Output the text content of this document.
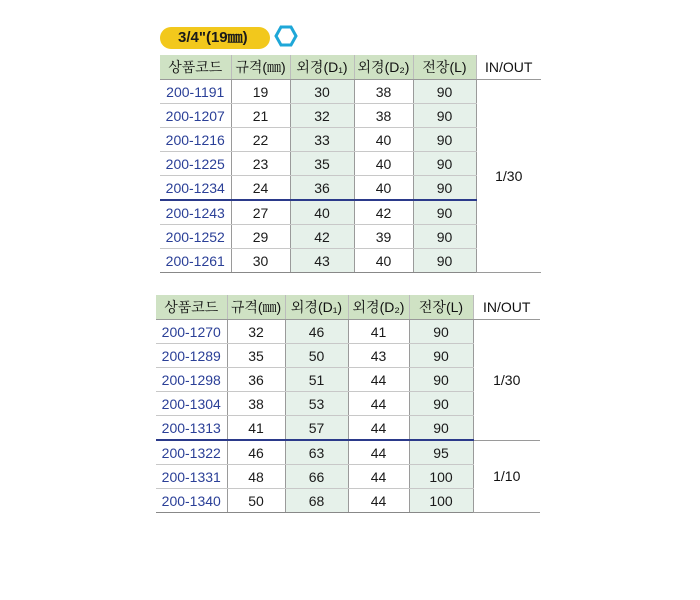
3/4"(19㎜)
상품코드	규격(㎜)	외경(D₁)	외경(D₂)	전장(L)	IN/OUT
200-1191	19	30	38	90	1/30
200-1207	21	32	38	90	
200-1216	22	33	40	90	
200-1225	23	35	40	90	
200-1234	24	36	40	90	
200-1243	27	40	42	90	
200-1252	29	42	39	90	
200-1261	30	43	40	90	
상품코드	규격(㎜)	외경(D₁)	외경(D₂)	전장(L)	IN/OUT
200-1270	32	46	41	90	1/30
200-1289	35	50	43	90	
200-1298	36	51	44	90	
200-1304	38	53	44	90	
200-1313	41	57	44	90	
200-1322	46	63	44	95	1/10
200-1331	48	66	44	100	
200-1340	50	68	44	100	
